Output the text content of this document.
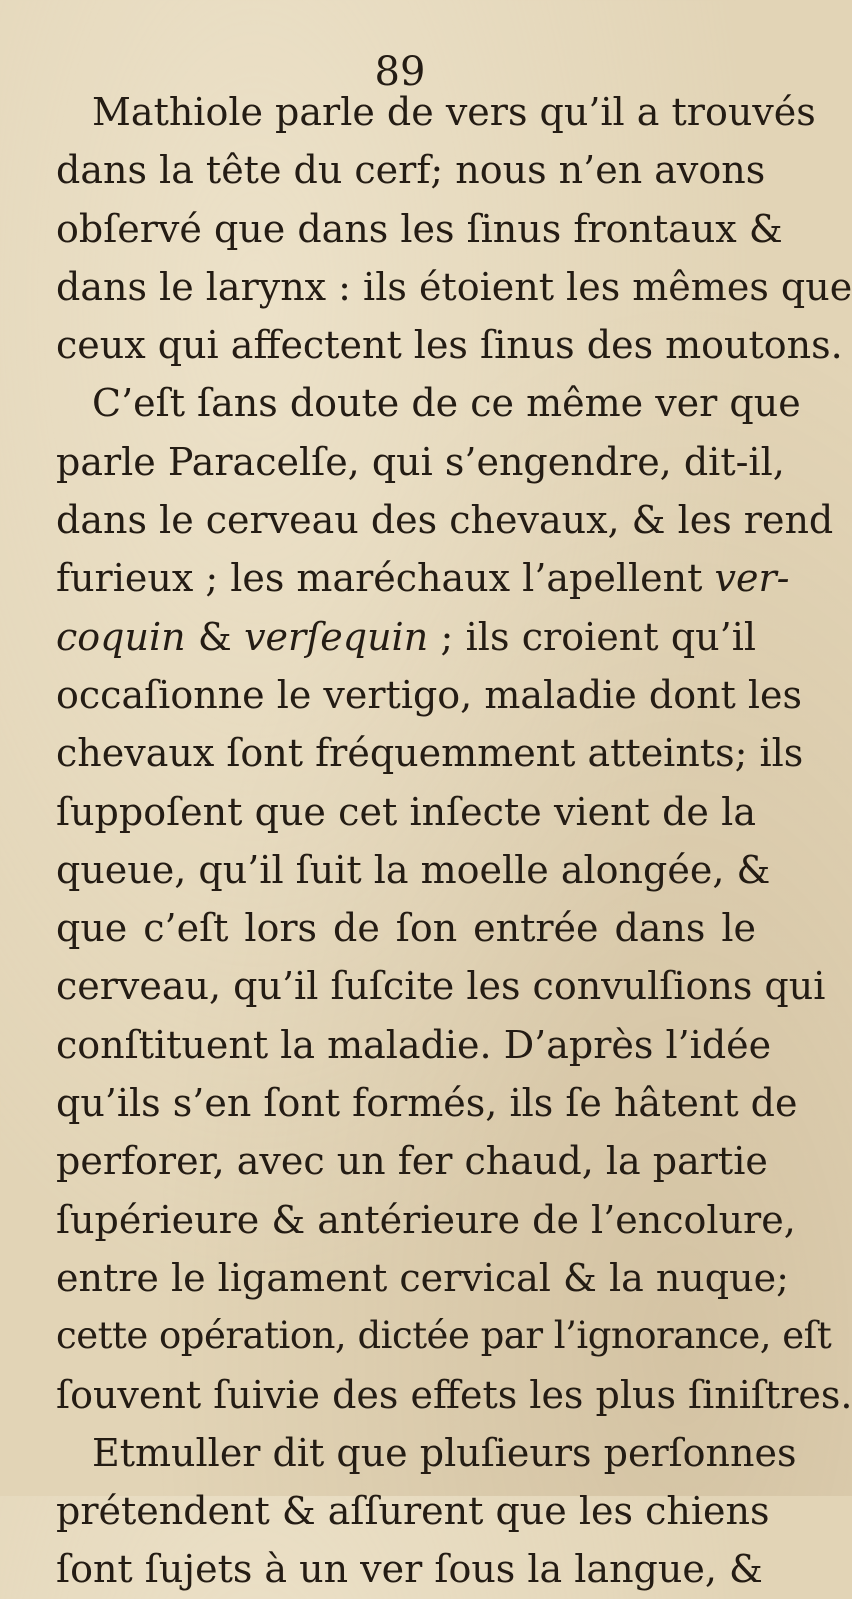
89
Mathiole parle de vers qu’il a trouvés
dans la tête du cerf; nous n’en avons
obſervé que dans les ſinus frontaux &
dans le larynx : ils étoient les mêmes que
ceux qui affectent les ſinus des moutons.
C’eſt ſans doute de ce même ver que
parle Paracelſe, qui s’engendre, dit-il,
dans le cerveau des chevaux, & les rend
furieux ; les maréchaux l’apellent ver-
coquin & verſequin ; ils croient qu’il
occaſionne le vertigo, maladie dont les
chevaux ſont fréquemment atteints; ils
ſuppoſent que cet inſecte vient de la
queue, qu’il ſuit la moelle alongée, &
que c’eſt lors de ſon entrée dans le
cerveau, qu’il ſuſcite les convulſions qui
conſtituent la maladie. D’après l’idée
qu’ils s’en ſont formés, ils ſe hâtent de
perforer, avec un fer chaud, la partie
ſupérieure & antérieure de l’encolure,
entre le ligament cervical & la nuque;
cette opération, dictée par l’ignorance, eſt
ſouvent ſuivie des effets les plus ſiniſtres.
Etmuller dit que pluſieurs perſonnes
prétendent & aſſurent que les chiens
ſont ſujets à un ver ſous la langue, &
